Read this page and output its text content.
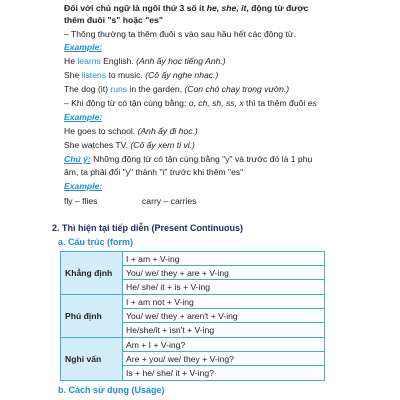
Đối với chủ ngữ là ngôi thứ 3 số ít he, she, it, động từ được
thêm đuôi "s" hoặc "es"
– Thông thường ta thêm đuôi s vào sau hầu hết các động từ.
Example:
He learns English. (Anh ấy học tiếng Anh.)
She listens to music. (Cô ấy nghe nhạc.)
The dog (it) runs in the garden. (Con chó chạy trong vườn.)
– Khi động từ có tận cùng bằng: o, ch, sh, ss, x thì ta thêm đuôi es
Example:
He goes to school. (Anh ấy đi học.)
She watches TV. (Cô ấy xem ti vi.)
Chú ý: Những động từ có tận cùng bằng "y" và trước đó là 1 phụ
âm, ta phải đổi "y" thành "i" trước khi thêm "es"
Example:
fly – flies	carry – carries
2. Thì hiện tại tiếp diễn (Present Continuous)
a. Cấu trúc (form)
Khẳng định	I + am + V-ing
You/ we/ they + are + V-ing
He/ she/ it + is + V-ing

Phủ định	I + am not + V-ing
You/ we/ they + aren't + V-ing
He/she/it + isn't + V-ing

Nghi vấn	Am + I + V-ing?
Are + you/ we/ they + V-ing?
Is + he/ she/ it + V-ing?
b. Cách sử dụng (Usage)
